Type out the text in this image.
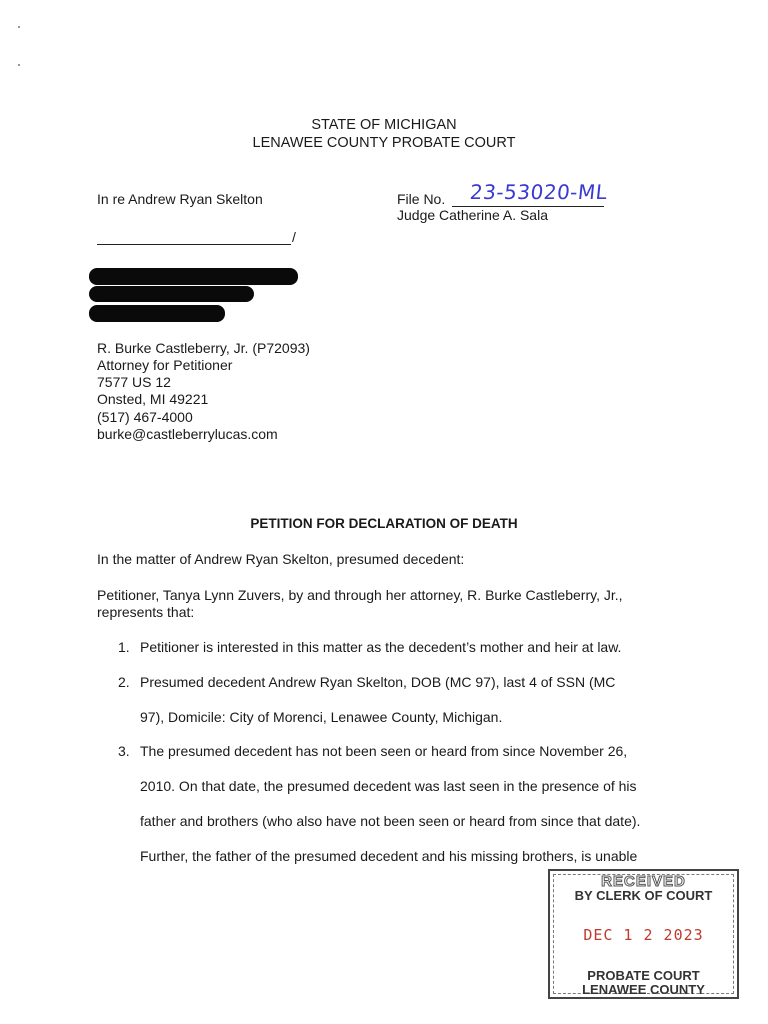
STATE OF MICHIGAN
LENAWEE COUNTY PROBATE COURT
In re Andrew Ryan Skelton	File No. 23-53020-ML
Judge Catherine A. Sala
/
R. Burke Castleberry, Jr. (P72093)
Attorney for Petitioner
7577 US 12
Onsted, MI 49221
(517) 467-4000
burke@castleberrylucas.com
PETITION FOR DECLARATION OF DEATH
In the matter of Andrew Ryan Skelton, presumed decedent:
Petitioner, Tanya Lynn Zuvers, by and through her attorney, R. Burke Castleberry, Jr.,
represents that:
1. Petitioner is interested in this matter as the decedent’s mother and heir at law.
2. Presumed decedent Andrew Ryan Skelton, DOB (MC 97), last 4 of SSN (MC
97), Domicile: City of Morenci, Lenawee County, Michigan.
3. The presumed decedent has not been seen or heard from since November 26,
2010. On that date, the presumed decedent was last seen in the presence of his
father and brothers (who also have not been seen or heard from since that date).
Further, the father of the presumed decedent and his missing brothers, is unable
RECEIVED
BY CLERK OF COURT
DEC 1 2 2023
PROBATE COURT
LENAWEE COUNTY
